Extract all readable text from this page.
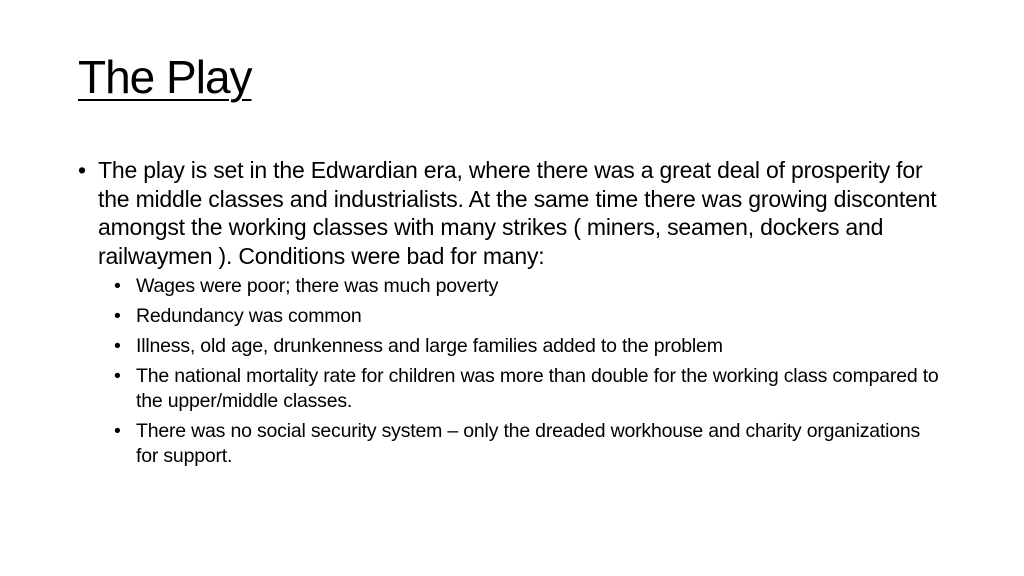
The Play
• The play is set in the Edwardian era, where there was a great deal of prosperity for the middle classes and industrialists. At the same time there was growing discontent amongst the working classes with many strikes ( miners, seamen, dockers and railwaymen ). Conditions were bad for many:
• Wages were poor; there was much poverty
• Redundancy was common
• Illness, old age, drunkenness and large families added to the problem
• The national mortality rate for children was more than double for the working class compared to the upper/middle classes.
• There was no social security system – only the dreaded workhouse and charity organizations for support.
